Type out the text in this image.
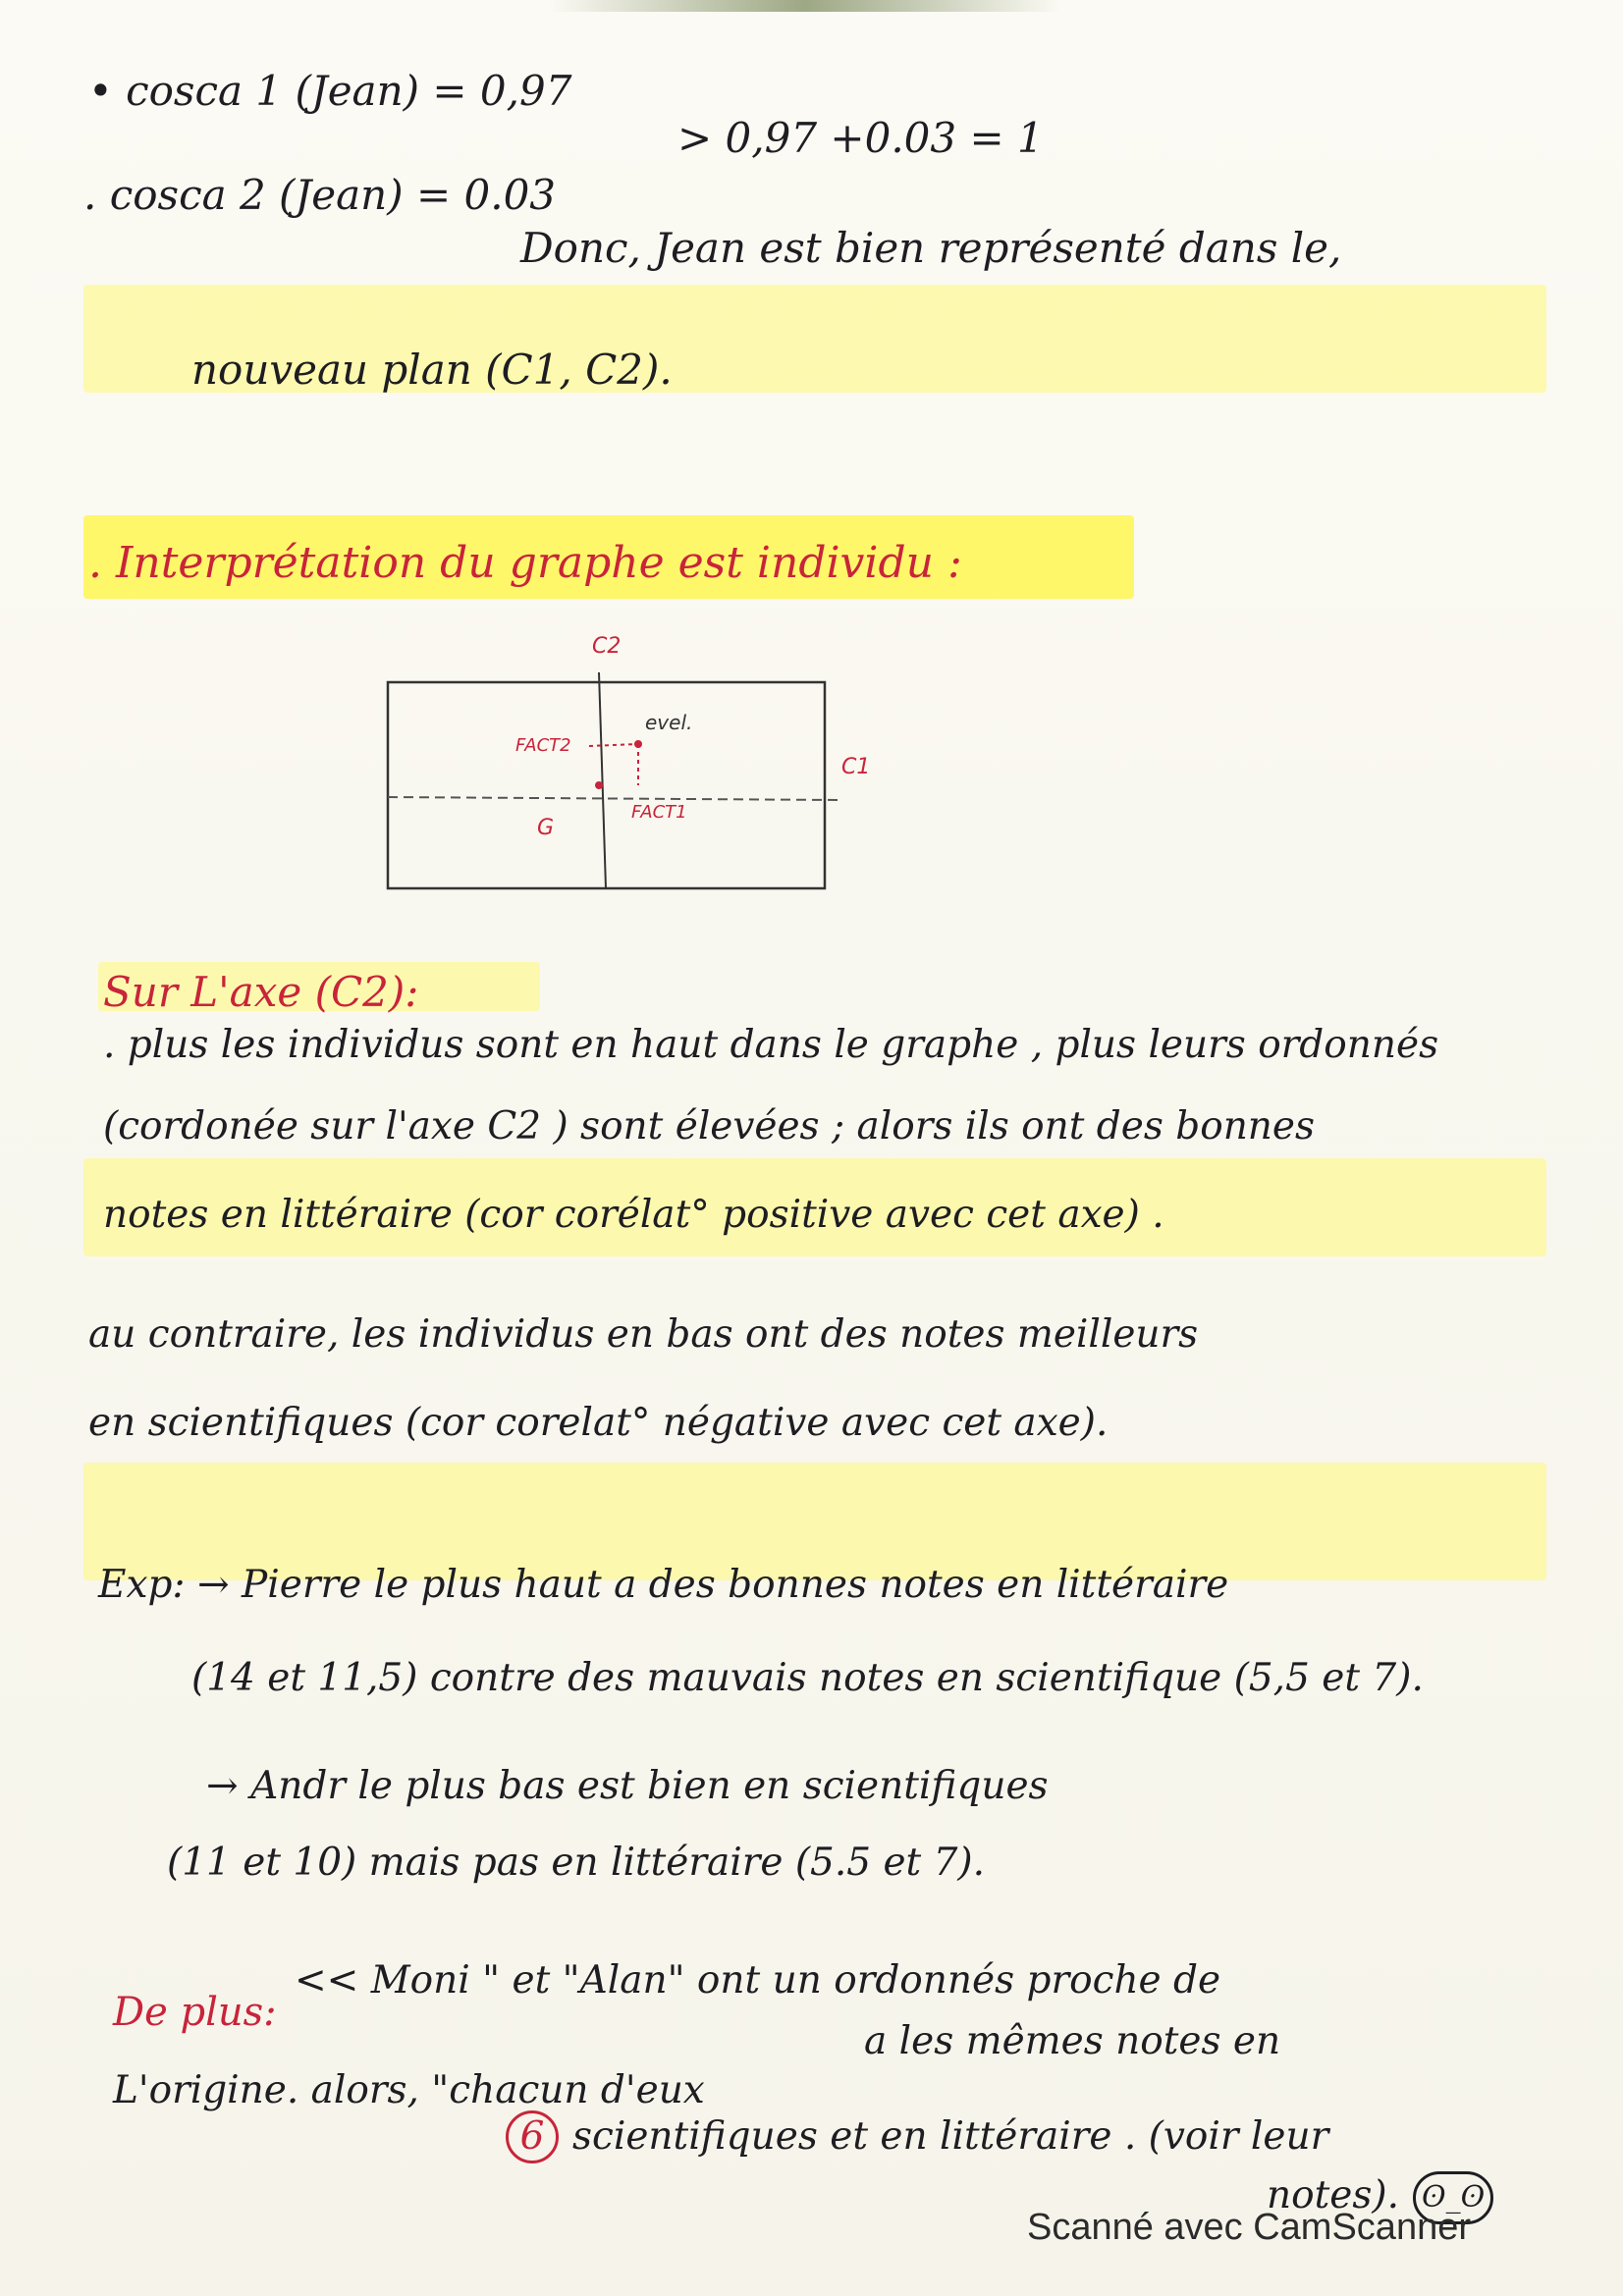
• cosca 1 (Jean) = 0,97
> 0,97 +0.03 = 1
. cosca 2 (Jean) = 0.03
Donc, Jean est bien représenté dans le,
nouveau plan (C1, C2).
. Interprétation du graphe est individu :
C2
C1
FACT2
FACT1
evel.
G
Sur L'axe (C2):
. plus les individus sont en haut dans le graphe , plus leurs ordonnés
(cordonée sur l'axe C2 ) sont élevées ; alors ils ont des bonnes
notes en littéraire (cor corélat° positive avec cet axe) .
au contraire, les individus en bas ont des notes meilleurs
en scientifiques (cor corelat° négative avec cet axe).
Exp: → Pierre le plus haut a des bonnes notes en littéraire
(14 et 11,5) contre des mauvais notes en scientifique (5,5 et 7).
→ Andr le plus bas est bien en scientifiques
(11 et 10) mais pas en littéraire (5.5 et 7).
De plus:
<< Moni " et "Alan" ont un ordonnés proche de
a les mêmes notes en
L'origine. alors, "chacun d'eux
6 scientifiques et en littéraire . (voir leur
notes). ʘ_ʘ
Scanné avec CamScanner
